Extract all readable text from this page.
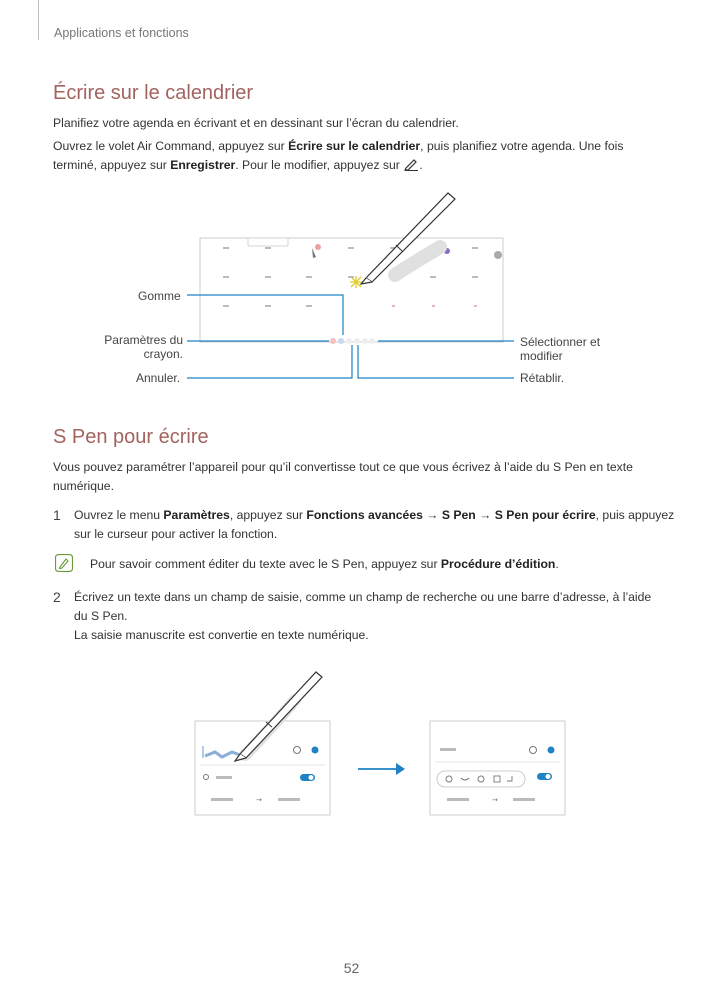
Applications et fonctions
Écrire sur le calendrier
Planifiez votre agenda en écrivant et en dessinant sur l’écran du calendrier.
Ouvrez le volet Air Command, appuyez sur Écrire sur le calendrier, puis planifiez votre agenda. Une fois
terminé, appuyez sur Enregistrer. Pour le modifier, appuyez sur .
Gomme
Paramètres du
crayon.
Annuler.
Sélectionner et
modifier
Rétablir.
S Pen pour écrire
Vous pouvez paramétrer l’appareil pour qu’il convertisse tout ce que vous écrivez à l’aide du S Pen en texte
numérique.
1 Ouvrez le menu Paramètres, appuyez sur Fonctions avancées → S Pen → S Pen pour écrire, puis appuyez
sur le curseur pour activer la fonction.
Pour savoir comment éditer du texte avec le S Pen, appuyez sur Procédure d’édition.
2 Écrivez un texte dans un champ de saisie, comme un champ de recherche ou une barre d’adresse, à l’aide
du S Pen.
La saisie manuscrite est convertie en texte numérique.
→	→
52
